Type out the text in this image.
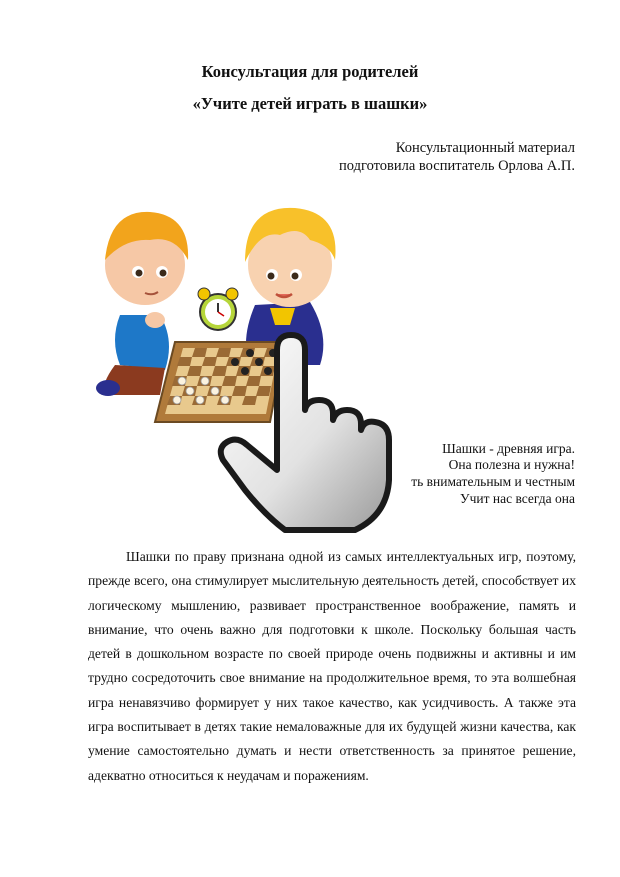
Консультация для родителей
«Учите детей играть в шашки»
Консультационный материал
подготовила воспитатель Орлова А.П.
Шашки - древняя игра.
Она полезна и нужна!
ть внимательным и честным
Учит нас всегда она

Шашки по праву признана одной из самых интеллектуальных игр, поэтому, прежде всего, она стимулирует мыслительную деятельность детей, способствует их логическому мышлению, развивает пространственное воображение, память и внимание, что очень важно для подготовки к школе. Поскольку большая часть детей в дошкольном возрасте по своей природе очень подвижны и активны и им трудно сосредоточить свое внимание на продолжительное время, то эта волшебная игра ненавязчиво формирует у них такое качество, как усидчивость. А также эта игра воспитывает в детях такие немаловажные для их будущей жизни качества, как умение самостоятельно думать и нести ответственность за принятое решение, адекватно относиться к неудачам и поражениям.
